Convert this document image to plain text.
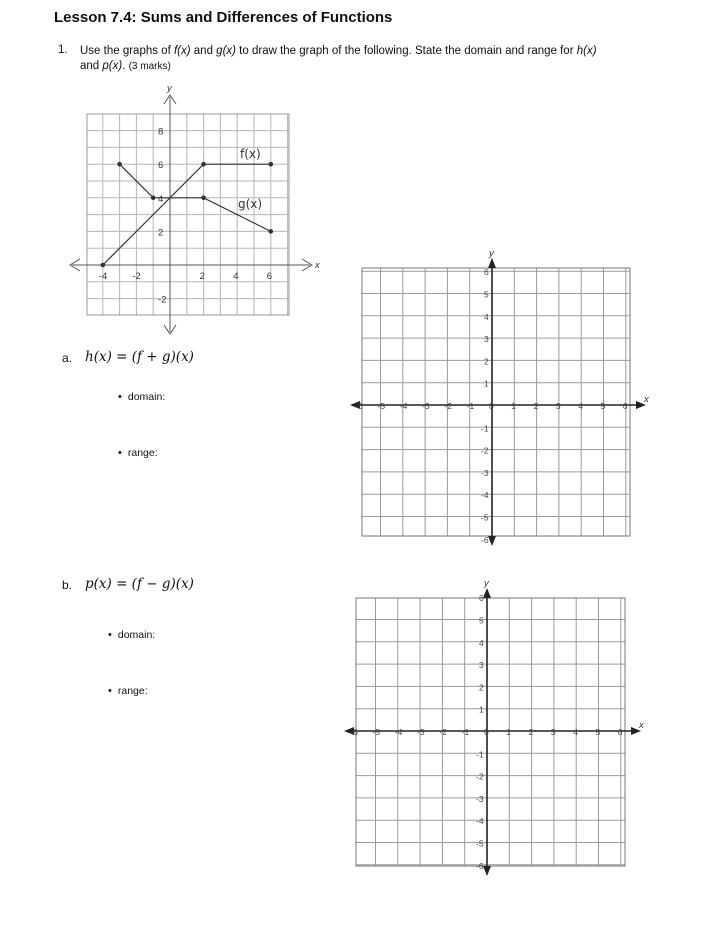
Lesson 7.4: Sums and Differences of Functions
1. Use the graphs of f(x) and g(x) to draw the graph of the following. State the domain and range for h(x)
and p(x). (3 marks)
x
y
-4	-2	2	4	6
8
6
4
2
-2
f(x)
g(x)
a. h(x) = (f + g)(x)
• domain:
• range:
x
y
-6 -5 -4 -3 -2 -1 0 1 2 3 4 5 6
6
5
4
3
2
1
-1
-2
-3
-4
-5
-6
b. p(x) = (f − g)(x)
• domain:
• range:
x
y
-6 -5 -4 -3 -2 -1 0 1 2 3 4 5 6
6
5
4
3
2
1
-1
-2
-3
-4
-5
-6
